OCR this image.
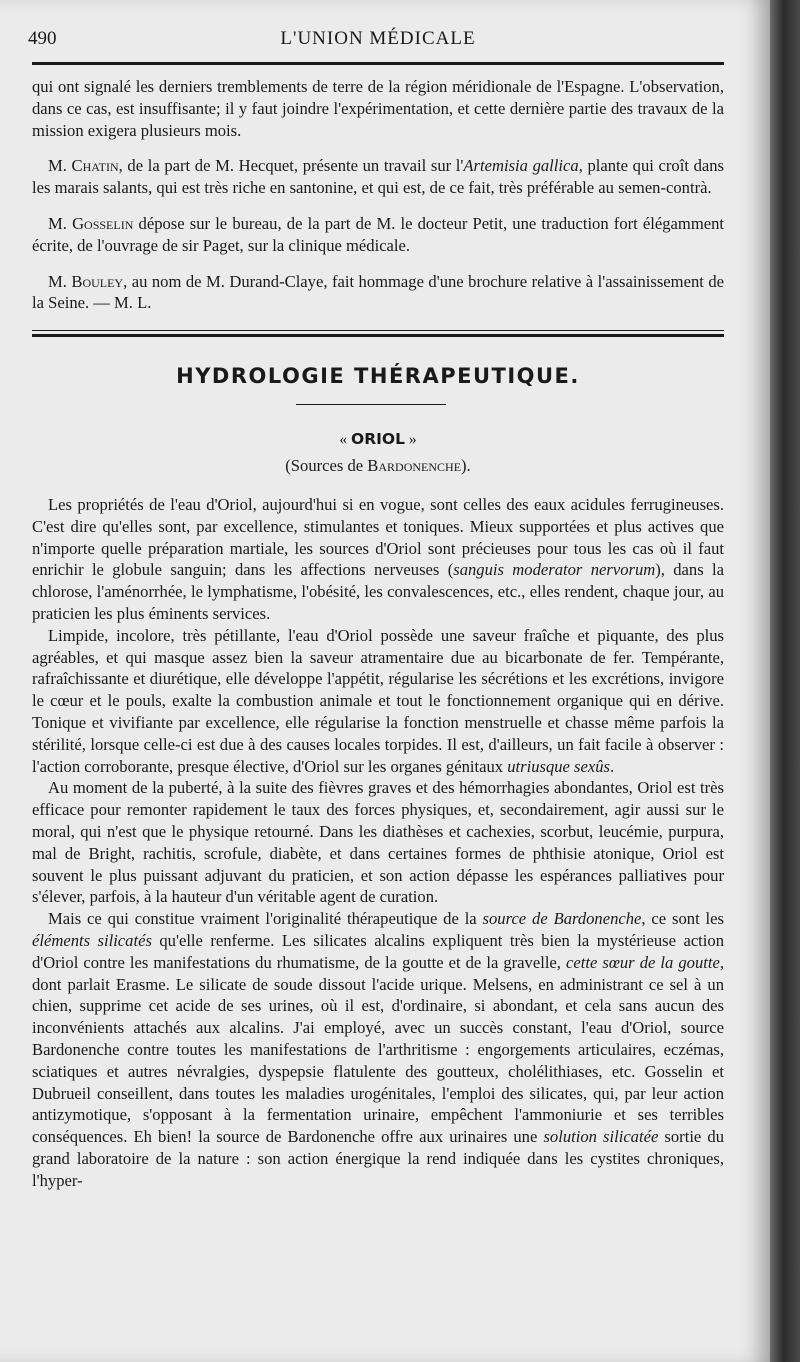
490	L'UNION MÉDICALE

qui ont signalé les derniers tremblements de terre de la région méridionale de l'Espagne. L'observation, dans ce cas, est insuffisante; il y faut joindre l'expérimentation, et cette dernière partie des travaux de la mission exigera plusieurs mois.

M. Chatin, de la part de M. Hecquet, présente un travail sur l'Artemisia gallica, plante qui croît dans les marais salants, qui est très riche en santonine, et qui est, de ce fait, très préférable au semen-contrà.

M. Gosselin dépose sur le bureau, de la part de M. le docteur Petit, une traduction fort élégamment écrite, de l'ouvrage de sir Paget, sur la clinique médicale.

M. Bouley, au nom de M. Durand-Claye, fait hommage d'une brochure relative à l'assainissement de la Seine. — M. L.

HYDROLOGIE THÉRAPEUTIQUE.
« ORIOL »
(Sources de Bardonenche).

Les propriétés de l'eau d'Oriol, aujourd'hui si en vogue, sont celles des eaux acidules ferrugineuses. C'est dire qu'elles sont, par excellence, stimulantes et toniques. Mieux supportées et plus actives que n'importe quelle préparation martiale, les sources d'Oriol sont précieuses pour tous les cas où il faut enrichir le globule sanguin; dans les affections nerveuses (sanguis moderator nervorum), dans la chlorose, l'aménorrhée, le lymphatisme, l'obésité, les convalescences, etc., elles rendent, chaque jour, au praticien les plus éminents services.

Limpide, incolore, très pétillante, l'eau d'Oriol possède une saveur fraîche et piquante, des plus agréables, et qui masque assez bien la saveur atramentaire due au bicarbonate de fer. Tempérante, rafraîchissante et diurétique, elle développe l'appétit, régularise les sécrétions et les excrétions, invigore le cœur et le pouls, exalte la combustion animale et tout le fonctionnement organique qui en dérive. Tonique et vivifiante par excellence, elle régularise la fonction menstruelle et chasse même parfois la stérilité, lorsque celle-ci est due à des causes locales torpides. Il est, d'ailleurs, un fait facile à observer : l'action corroborante, presque élective, d'Oriol sur les organes génitaux utriusque sexûs.

Au moment de la puberté, à la suite des fièvres graves et des hémorrhagies abondantes, Oriol est très efficace pour remonter rapidement le taux des forces physiques, et, secondairement, agir aussi sur le moral, qui n'est que le physique retourné. Dans les diathèses et cachexies, scorbut, leucémie, purpura, mal de Bright, rachitis, scrofule, diabète, et dans certaines formes de phthisie atonique, Oriol est souvent le plus puissant adjuvant du praticien, et son action dépasse les espérances palliatives pour s'élever, parfois, à la hauteur d'un véritable agent de curation.

Mais ce qui constitue vraiment l'originalité thérapeutique de la source de Bardonenche, ce sont les éléments silicatés qu'elle renferme. Les silicates alcalins expliquent très bien la mystérieuse action d'Oriol contre les manifestations du rhumatisme, de la goutte et de la gravelle, cette sœur de la goutte, dont parlait Erasme. Le silicate de soude dissout l'acide urique. Melsens, en administrant ce sel à un chien, supprime cet acide de ses urines, où il est, d'ordinaire, si abondant, et cela sans aucun des inconvénients attachés aux alcalins. J'ai employé, avec un succès constant, l'eau d'Oriol, source Bardonenche contre toutes les manifestations de l'arthritisme : engorgements articulaires, eczémas, sciatiques et autres névralgies, dyspepsie flatulente des goutteux, cholélithiases, etc. Gosselin et Dubrueil conseillent, dans toutes les maladies urogénitales, l'emploi des silicates, qui, par leur action antizymotique, s'opposant à la fermentation urinaire, empêchent l'ammoniurie et ses terribles conséquences. Eh bien! la source de Bardonenche offre aux urinaires une solution silicatée sortie du grand laboratoire de la nature : son action énergique la rend indiquée dans les cystites chroniques, l'hyper-
